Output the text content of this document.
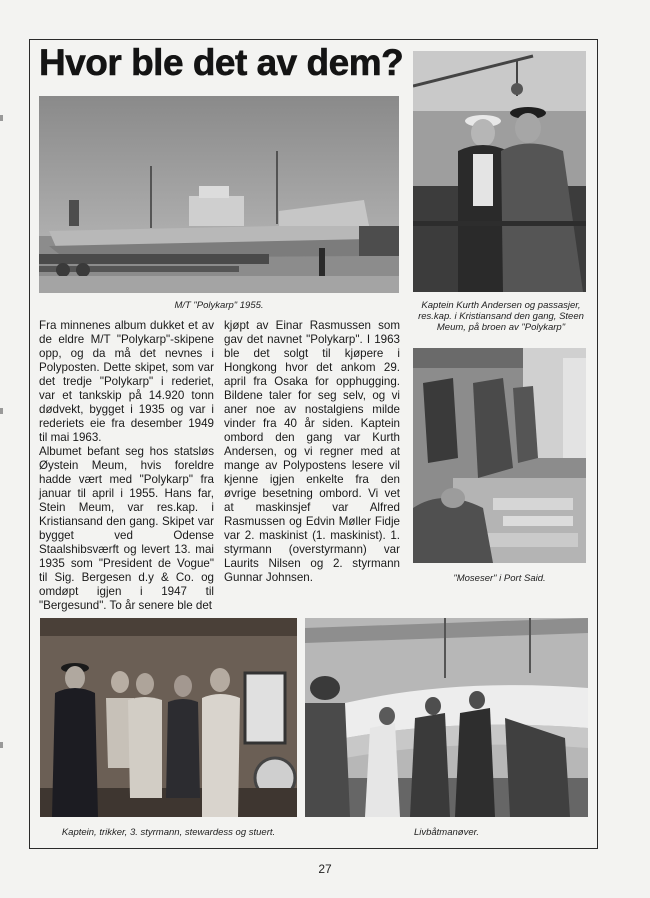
Hvor ble det av dem?
M/T "Polykarp" 1955.	Kaptein Kurth Andersen og passasjer, res.kap. i Kristiansand den gang, Steen Meum, på broen av "Polykarp"
"Moseser" i Port Said.

Fra minnenes album dukket et av de eldre M/T "Polykarp"-skipene opp, og da må det nevnes i Polyposten. Dette skipet, som var det tredje "Polykarp" i rederiet, var et tankskip på 14.920 tonn dødvekt, bygget i 1935 og var i rederiets eie fra desember 1949 til mai 1963.

Albumet befant seg hos statsløs Øystein Meum, hvis foreldre hadde vært med "Polykarp" fra januar til april i 1955. Hans far, Stein Meum, var res.kap. i Kristiansand den gang. Skipet var bygget ved Odense Staalshibsværft og levert 13. mai 1935 som "President de Vogue" til Sig. Bergesen d.y & Co. og omdøpt igjen i 1947 til "Bergesund". To år senere ble det

kjøpt av Einar Rasmussen som gav det navnet "Polykarp". I 1963 ble det solgt til kjøpere i Hongkong hvor det ankom 29. april fra Osaka for opphugging. Bildene taler for seg selv, og vi aner noe av nostalgiens milde vinder fra 40 år siden. Kaptein ombord den gang var Kurth Andersen, og vi regner med at mange av Polypostens lesere vil kjenne igjen enkelte fra den øvrige besetning ombord. Vi vet at maskinsjef var Alfred Rasmussen og Edvin Møller Fidje var 2. maskinist (1. maskinist). 1. styrmann (overstyrmann) var Laurits Nilsen og 2. styrmann Gunnar Johnsen.

Kaptein, trikker, 3. styrmann, stewardess og stuert.	Livbåtmanøver.
27
